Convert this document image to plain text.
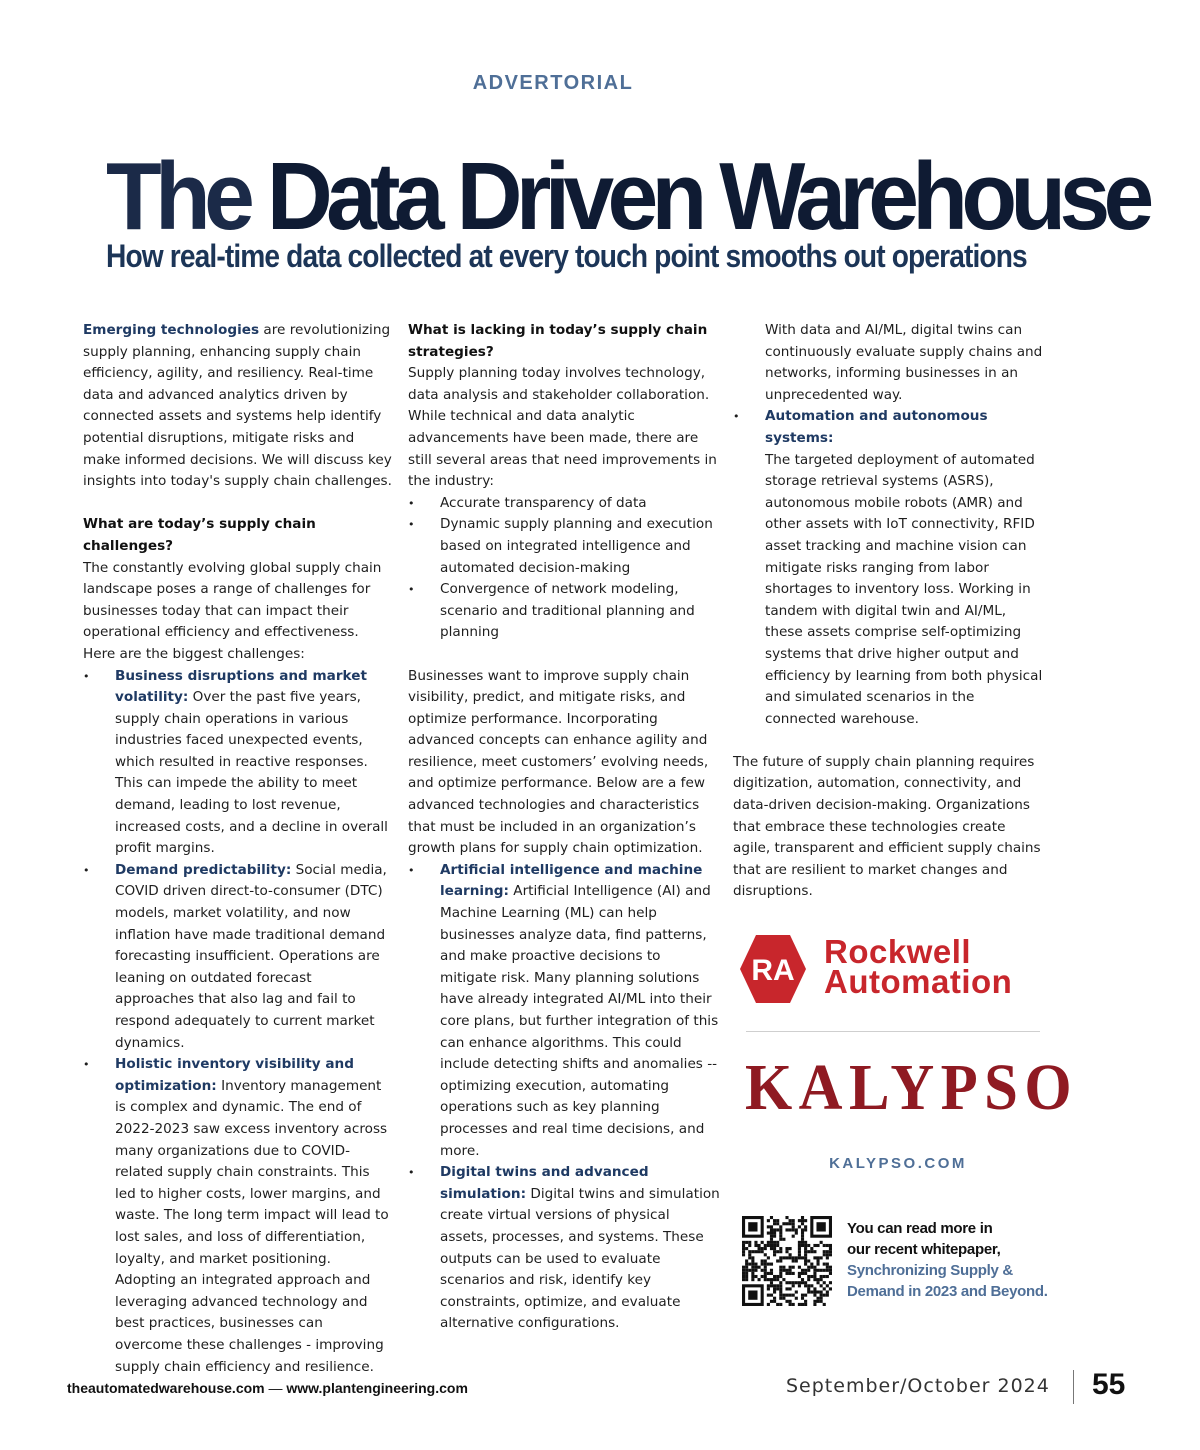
ADVERTORIAL
The Data Driven Warehouse
How real-time data collected at every touch point smooths out operations

Emerging technologies are revolutionizing supply planning, enhancing supply chain efficiency, agility, and resiliency. Real-time data and advanced analytics driven by connected assets and systems help identify potential disruptions, mitigate risks and make informed decisions. We will discuss key insights into today's supply chain challenges.

What are today’s supply chain challenges?

The constantly evolving global supply chain landscape poses a range of challenges for businesses today that can impact their operational efficiency and effectiveness. Here are the biggest challenges:

•	Business disruptions and market volatility: Over the past five years, supply chain operations in various industries faced unexpected events, which resulted in reactive responses. This can impede the ability to meet demand, leading to lost revenue, increased costs, and a decline in overall profit margins.
•	Demand predictability: Social media, COVID driven direct-to-consumer (DTC) models, market volatility, and now inflation have made traditional demand forecasting insufficient. Operations are leaning on outdated forecast approaches that also lag and fail to respond adequately to current market dynamics.
•	Holistic inventory visibility and optimization: Inventory management is complex and dynamic. The end of 2022-2023 saw excess inventory across many organizations due to COVID-related supply chain constraints. This led to higher costs, lower margins, and waste. The long term impact will lead to lost sales, and loss of differentiation, loyalty, and market positioning. Adopting an integrated approach and leveraging advanced technology and best practices, businesses can overcome these challenges - improving supply chain efficiency and resilience.

What is lacking in today’s supply chain strategies?

Supply planning today involves technology, data analysis and stakeholder collaboration. While technical and data analytic advancements have been made, there are still several areas that need improvements in the industry:

•	Accurate transparency of data
•	Dynamic supply planning and execution based on integrated intelligence and automated decision-making
•	Convergence of network modeling, scenario and traditional planning and planning

Businesses want to improve supply chain visibility, predict, and mitigate risks, and optimize performance. Incorporating advanced concepts can enhance agility and resilience, meet customers’ evolving needs, and optimize performance. Below are a few advanced technologies and characteristics that must be included in an organization’s growth plans for supply chain optimization.

•	Artificial intelligence and machine learning: Artificial Intelligence (AI) and Machine Learning (ML) can help businesses analyze data, find patterns, and make proactive decisions to mitigate risk. Many planning solutions have already integrated AI/ML into their core plans, but further integration of this can enhance algorithms. This could include detecting shifts and anomalies -- optimizing execution, automating operations such as key planning processes and real time decisions, and more.
•	Digital twins and advanced simulation: Digital twins and simulation create virtual versions of physical assets, processes, and systems. These outputs can be used to evaluate scenarios and risk, identify key constraints, optimize, and evaluate alternative configurations.
With data and AI/ML, digital twins can continuously evaluate supply chains and networks, informing businesses in an unprecedented way.
•	Automation and autonomous systems:
The targeted deployment of automated storage retrieval systems (ASRS), autonomous mobile robots (AMR) and other assets with IoT connectivity, RFID asset tracking and machine vision can mitigate risks ranging from labor shortages to inventory loss. Working in tandem with digital twin and AI/ML, these assets comprise self-optimizing systems that drive higher output and efficiency by learning from both physical and simulated scenarios in the connected warehouse.

The future of supply chain planning requires digitization, automation, connectivity, and data-driven decision-making. Organizations that embrace these technologies create agile, transparent and efficient supply chains that are resilient to market changes and disruptions.

RA
Rockwell
Automation
KALYPSO
KALYPSO.COM
You can read more in
our recent whitepaper,
Synchronizing Supply &
Demand in 2023 and Beyond.
theautomatedwarehouse.com — www.plantengineering.com	September/October 2024 55
